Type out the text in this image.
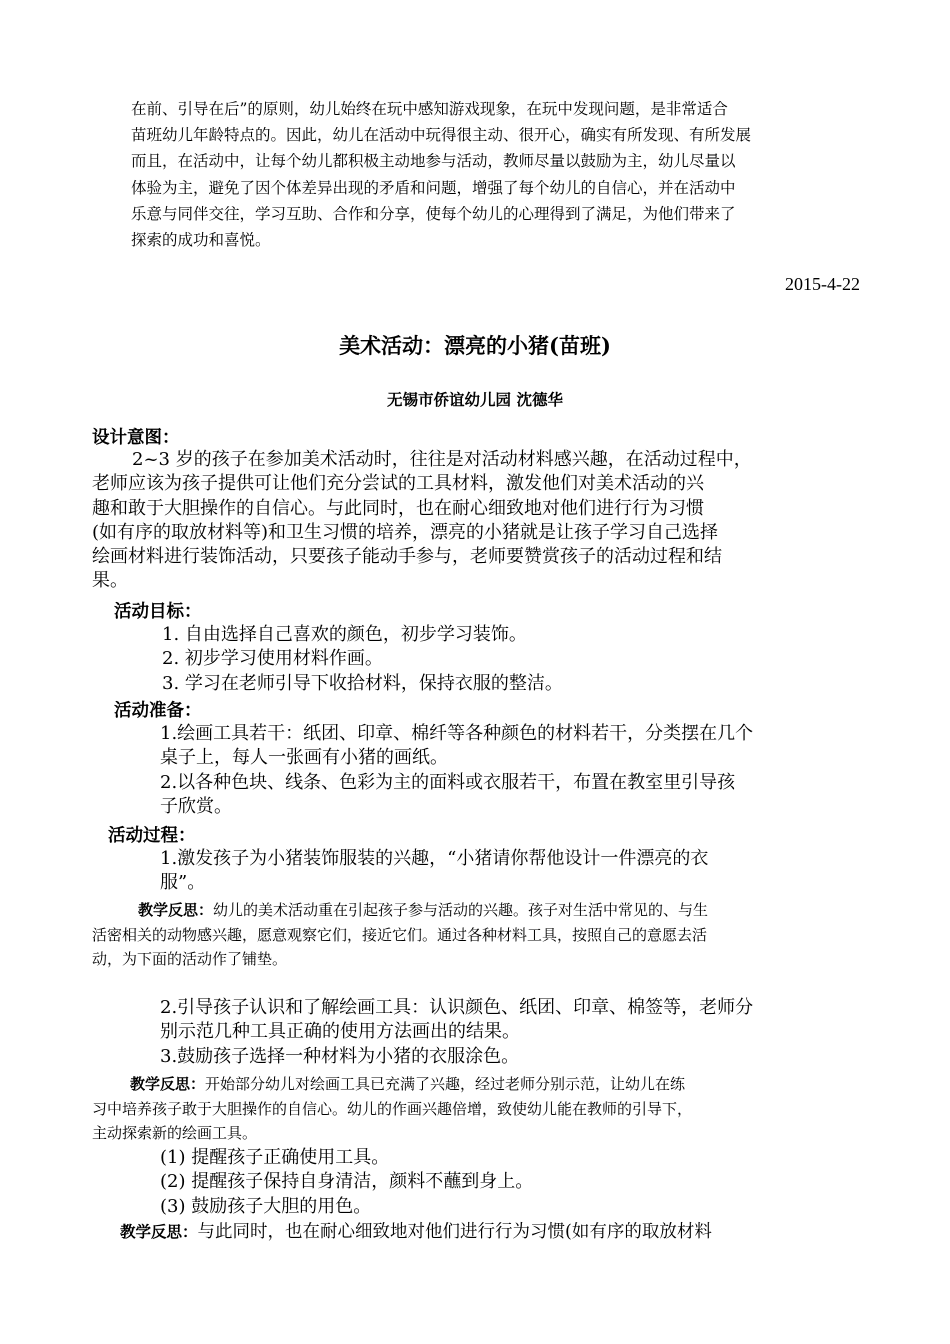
在前、引导在后”的原则，幼儿始终在玩中感知游戏现象，在玩中发现问题，是非常适合
苗班幼儿年龄特点的。因此，幼儿在活动中玩得很主动、很开心，确实有所发现、有所发展
而且，在活动中，让每个幼儿都积极主动地参与活动，教师尽量以鼓励为主，幼儿尽量以
体验为主，避免了因个体差异出现的矛盾和问题，增强了每个幼儿的自信心，并在活动中
乐意与同伴交往，学习互助、合作和分享，使每个幼儿的心理得到了满足，为他们带来了
探索的成功和喜悦。
2015-4-22
美术活动：漂亮的小猪(苗班)
无锡市侨谊幼儿园 沈德华
设计意图：
2~3 岁的孩子在参加美术活动时，往往是对活动材料感兴趣，在活动过程中，
老师应该为孩子提供可让他们充分尝试的工具材料，激发他们对美术活动的兴
趣和敢于大胆操作的自信心。与此同时，也在耐心细致地对他们进行行为习惯
(如有序的取放材料等)和卫生习惯的培养，漂亮的小猪就是让孩子学习自己选择
绘画材料进行装饰活动，只要孩子能动手参与，老师要赞赏孩子的活动过程和结
果。
活动目标：
1. 自由选择自己喜欢的颜色，初步学习装饰。
2. 初步学习使用材料作画。
3. 学习在老师引导下收拾材料，保持衣服的整洁。
活动准备：
1.绘画工具若干：纸团、印章、棉纤等各种颜色的材料若干，分类摆在几个
桌子上，每人一张画有小猪的画纸。
2.以各种色块、线条、色彩为主的面料或衣服若干，布置在教室里引导孩
子欣赏。
活动过程：
1.激发孩子为小猪装饰服装的兴趣，“小猪请你帮他设计一件漂亮的衣
服”。
教学反思：幼儿的美术活动重在引起孩子参与活动的兴趣。孩子对生活中常见的、与生
活密相关的动物感兴趣，愿意观察它们，接近它们。通过各种材料工具，按照自己的意愿去活
动，为下面的活动作了铺垫。
2.引导孩子认识和了解绘画工具：认识颜色、纸团、印章、棉签等，老师分
别示范几种工具正确的使用方法画出的结果。
3.鼓励孩子选择一种材料为小猪的衣服涂色。
教学反思：开始部分幼儿对绘画工具已充满了兴趣，经过老师分别示范，让幼儿在练
习中培养孩子敢于大胆操作的自信心。幼儿的作画兴趣倍增，致使幼儿能在教师的引导下，
主动探索新的绘画工具。
(1) 提醒孩子正确使用工具。
(2) 提醒孩子保持自身清洁，颜料不蘸到身上。
(3) 鼓励孩子大胆的用色。
教学反思：与此同时，也在耐心细致地对他们进行行为习惯(如有序的取放材料
